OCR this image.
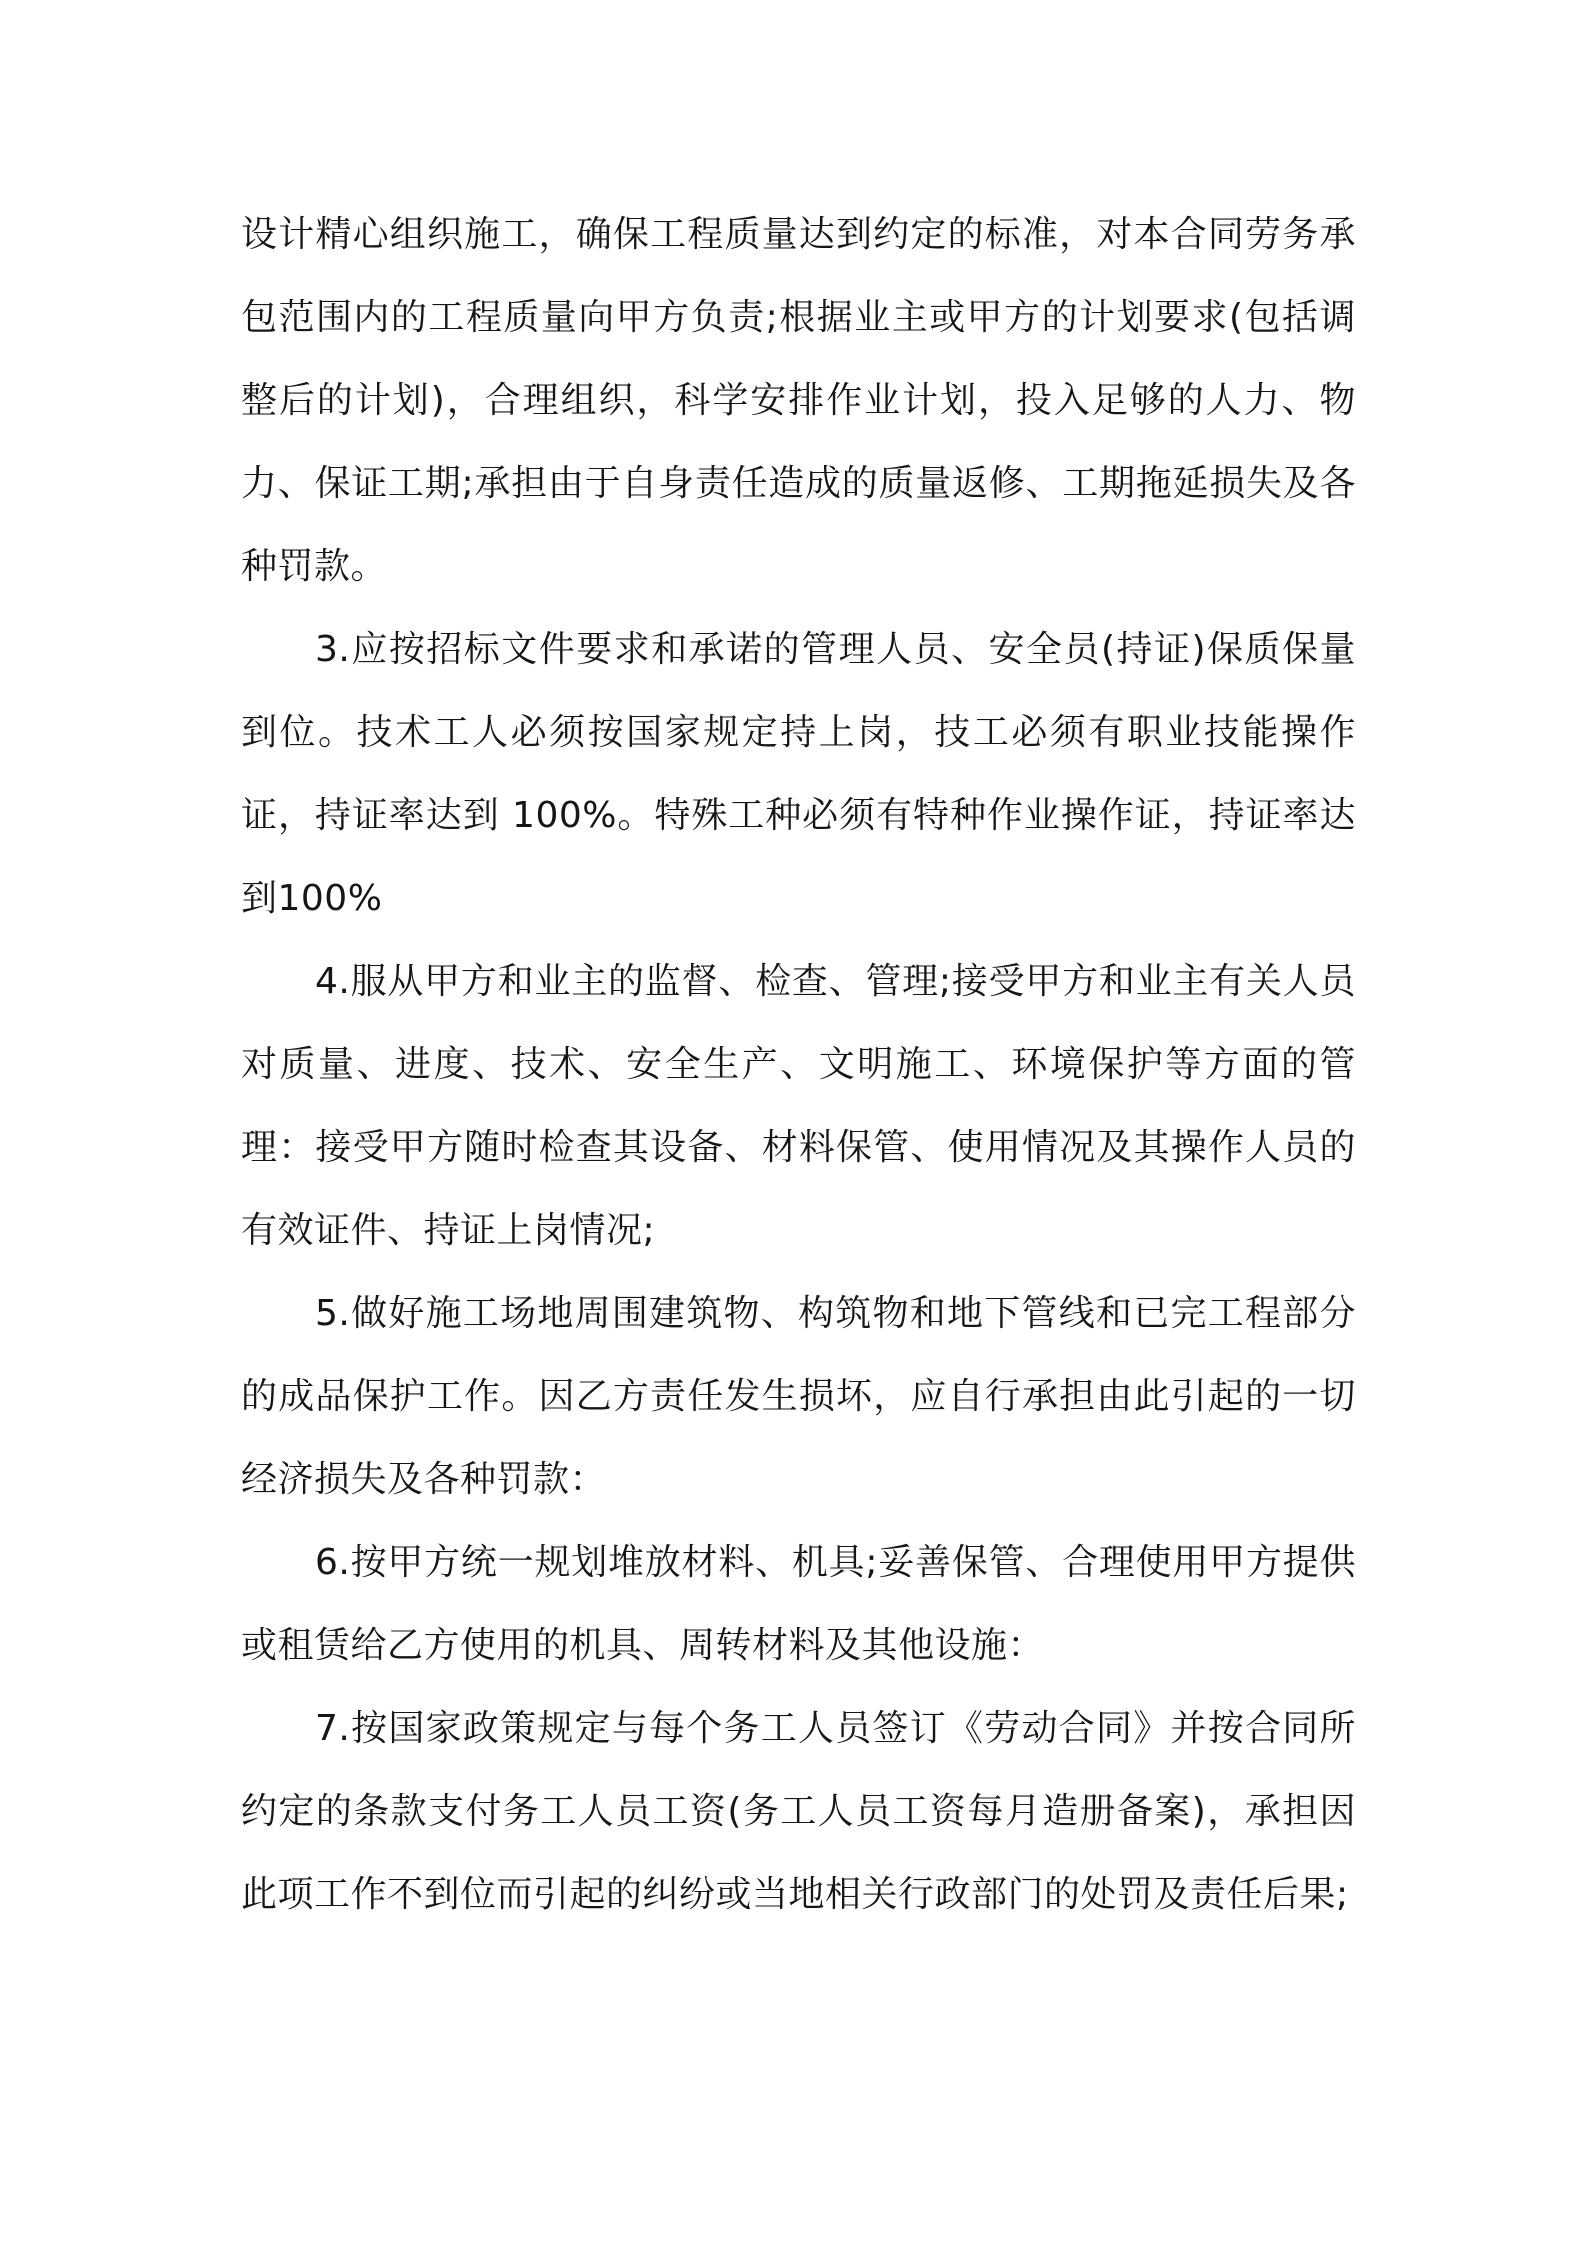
设计精心组织施工，确保工程质量达到约定的标准，对本合同劳务承包范围内的工程质量向甲方负责;根据业主或甲方的计划要求(包括调整后的计划)，合理组织，科学安排作业计划，投入足够的人力、物力、保证工期;承担由于自身责任造成的质量返修、工期拖延损失及各种罚款。

3.应按招标文件要求和承诺的管理人员、安全员(持证)保质保量到位。技术工人必须按国家规定持上岗，技工必须有职业技能操作证，持证率达到 100%。特殊工种必须有特种作业操作证，持证率达到100%

4.服从甲方和业主的监督、检查、管理;接受甲方和业主有关人员对质量、进度、技术、安全生产、文明施工、环境保护等方面的管理：接受甲方随时检查其设备、材料保管、使用情况及其操作人员的有效证件、持证上岗情况;

5.做好施工场地周围建筑物、构筑物和地下管线和已完工程部分的成品保护工作。因乙方责任发生损坏，应自行承担由此引起的一切经济损失及各种罚款：

6.按甲方统一规划堆放材料、机具;妥善保管、合理使用甲方提供或租赁给乙方使用的机具、周转材料及其他设施：

7.按国家政策规定与每个务工人员签订《劳动合同》并按合同所约定的条款支付务工人员工资(务工人员工资每月造册备案)，承担因此项工作不到位而引起的纠纷或当地相关行政部门的处罚及责任后果;
